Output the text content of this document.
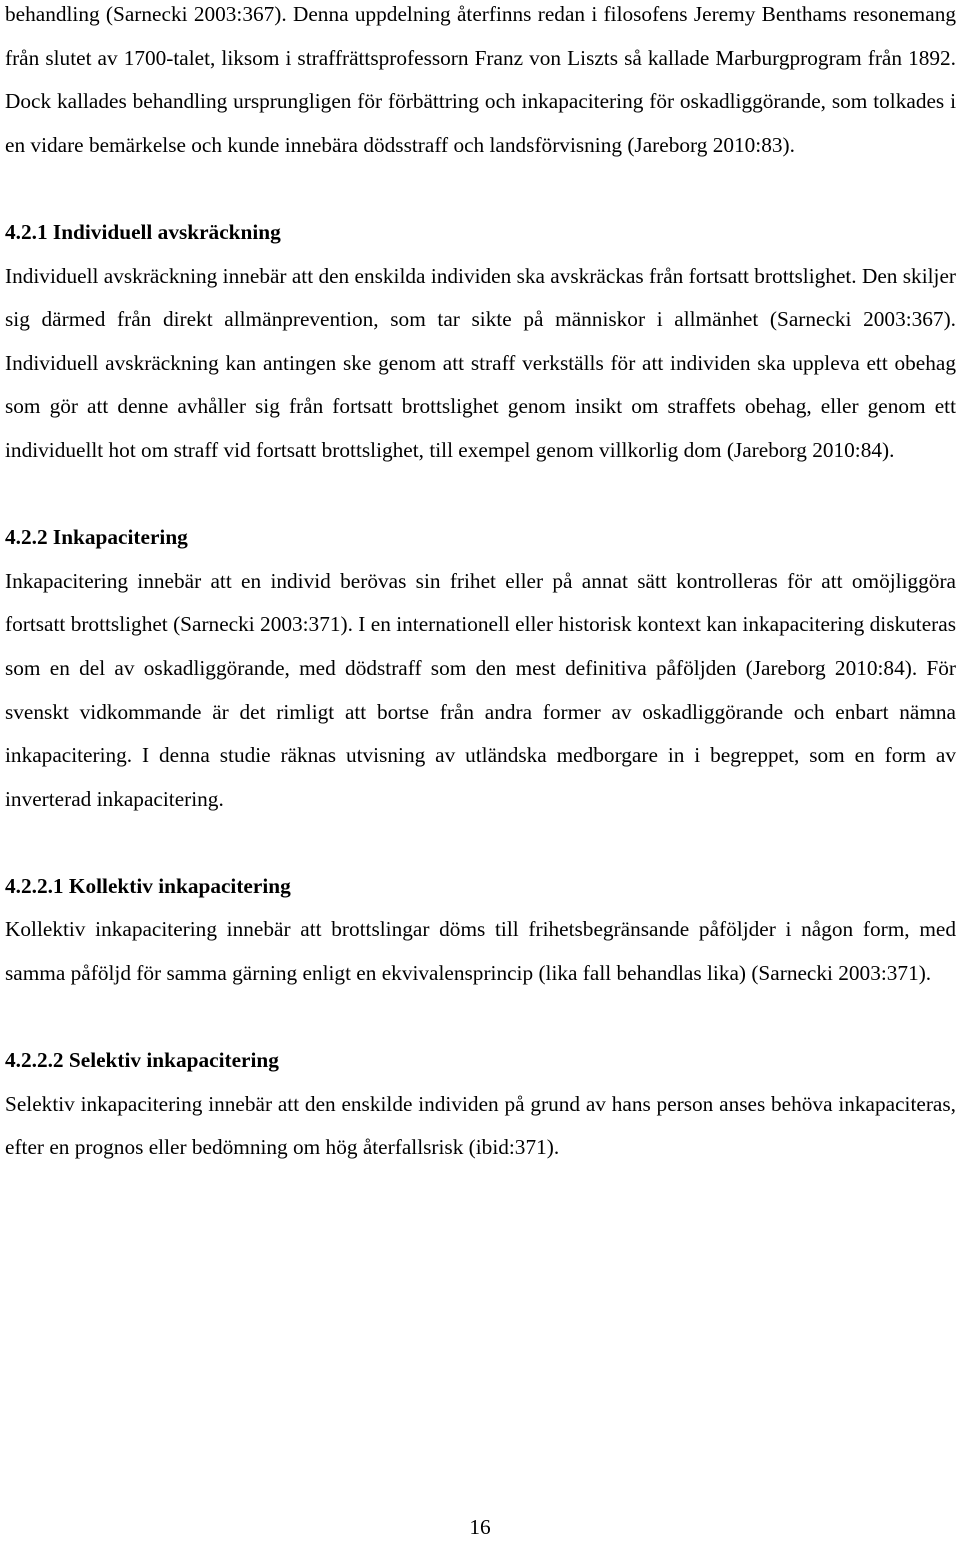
behandling (Sarnecki 2003:367). Denna uppdelning återfinns redan i filosofens Jeremy Benthams resonemang från slutet av 1700-talet, liksom i straffrättsprofessorn Franz von Liszts så kallade Marburgprogram från 1892. Dock kallades behandling ursprungligen för förbättring och inkapacitering för oskadliggörande, som tolkades i en vidare bemärkelse och kunde innebära dödsstraff och landsförvisning (Jareborg 2010:83).

4.2.1 Individuell avskräckning

Individuell avskräckning innebär att den enskilda individen ska avskräckas från fortsatt brottslighet. Den skiljer sig därmed från direkt allmänprevention, som tar sikte på människor i allmänhet (Sarnecki 2003:367). Individuell avskräckning kan antingen ske genom att straff verkställs för att individen ska uppleva ett obehag som gör att denne avhåller sig från fortsatt brottslighet genom insikt om straffets obehag, eller genom ett individuellt hot om straff vid fortsatt brottslighet, till exempel genom villkorlig dom (Jareborg 2010:84).

4.2.2 Inkapacitering

Inkapacitering innebär att en individ berövas sin frihet eller på annat sätt kontrolleras för att omöjliggöra fortsatt brottslighet (Sarnecki 2003:371). I en internationell eller historisk kontext kan inkapacitering diskuteras som en del av oskadliggörande, med dödstraff som den mest definitiva påföljden (Jareborg 2010:84). För svenskt vidkommande är det rimligt att bortse från andra former av oskadliggörande och enbart nämna inkapacitering. I denna studie räknas utvisning av utländska medborgare in i begreppet, som en form av inverterad inkapacitering.

4.2.2.1 Kollektiv inkapacitering

Kollektiv inkapacitering innebär att brottslingar döms till frihetsbegränsande påföljder i någon form, med samma påföljd för samma gärning enligt en ekvivalensprincip (lika fall behandlas lika) (Sarnecki 2003:371).

4.2.2.2 Selektiv inkapacitering

Selektiv inkapacitering innebär att den enskilde individen på grund av hans person anses behöva inkapaciteras, efter en prognos eller bedömning om hög återfallsrisk (ibid:371).

16
